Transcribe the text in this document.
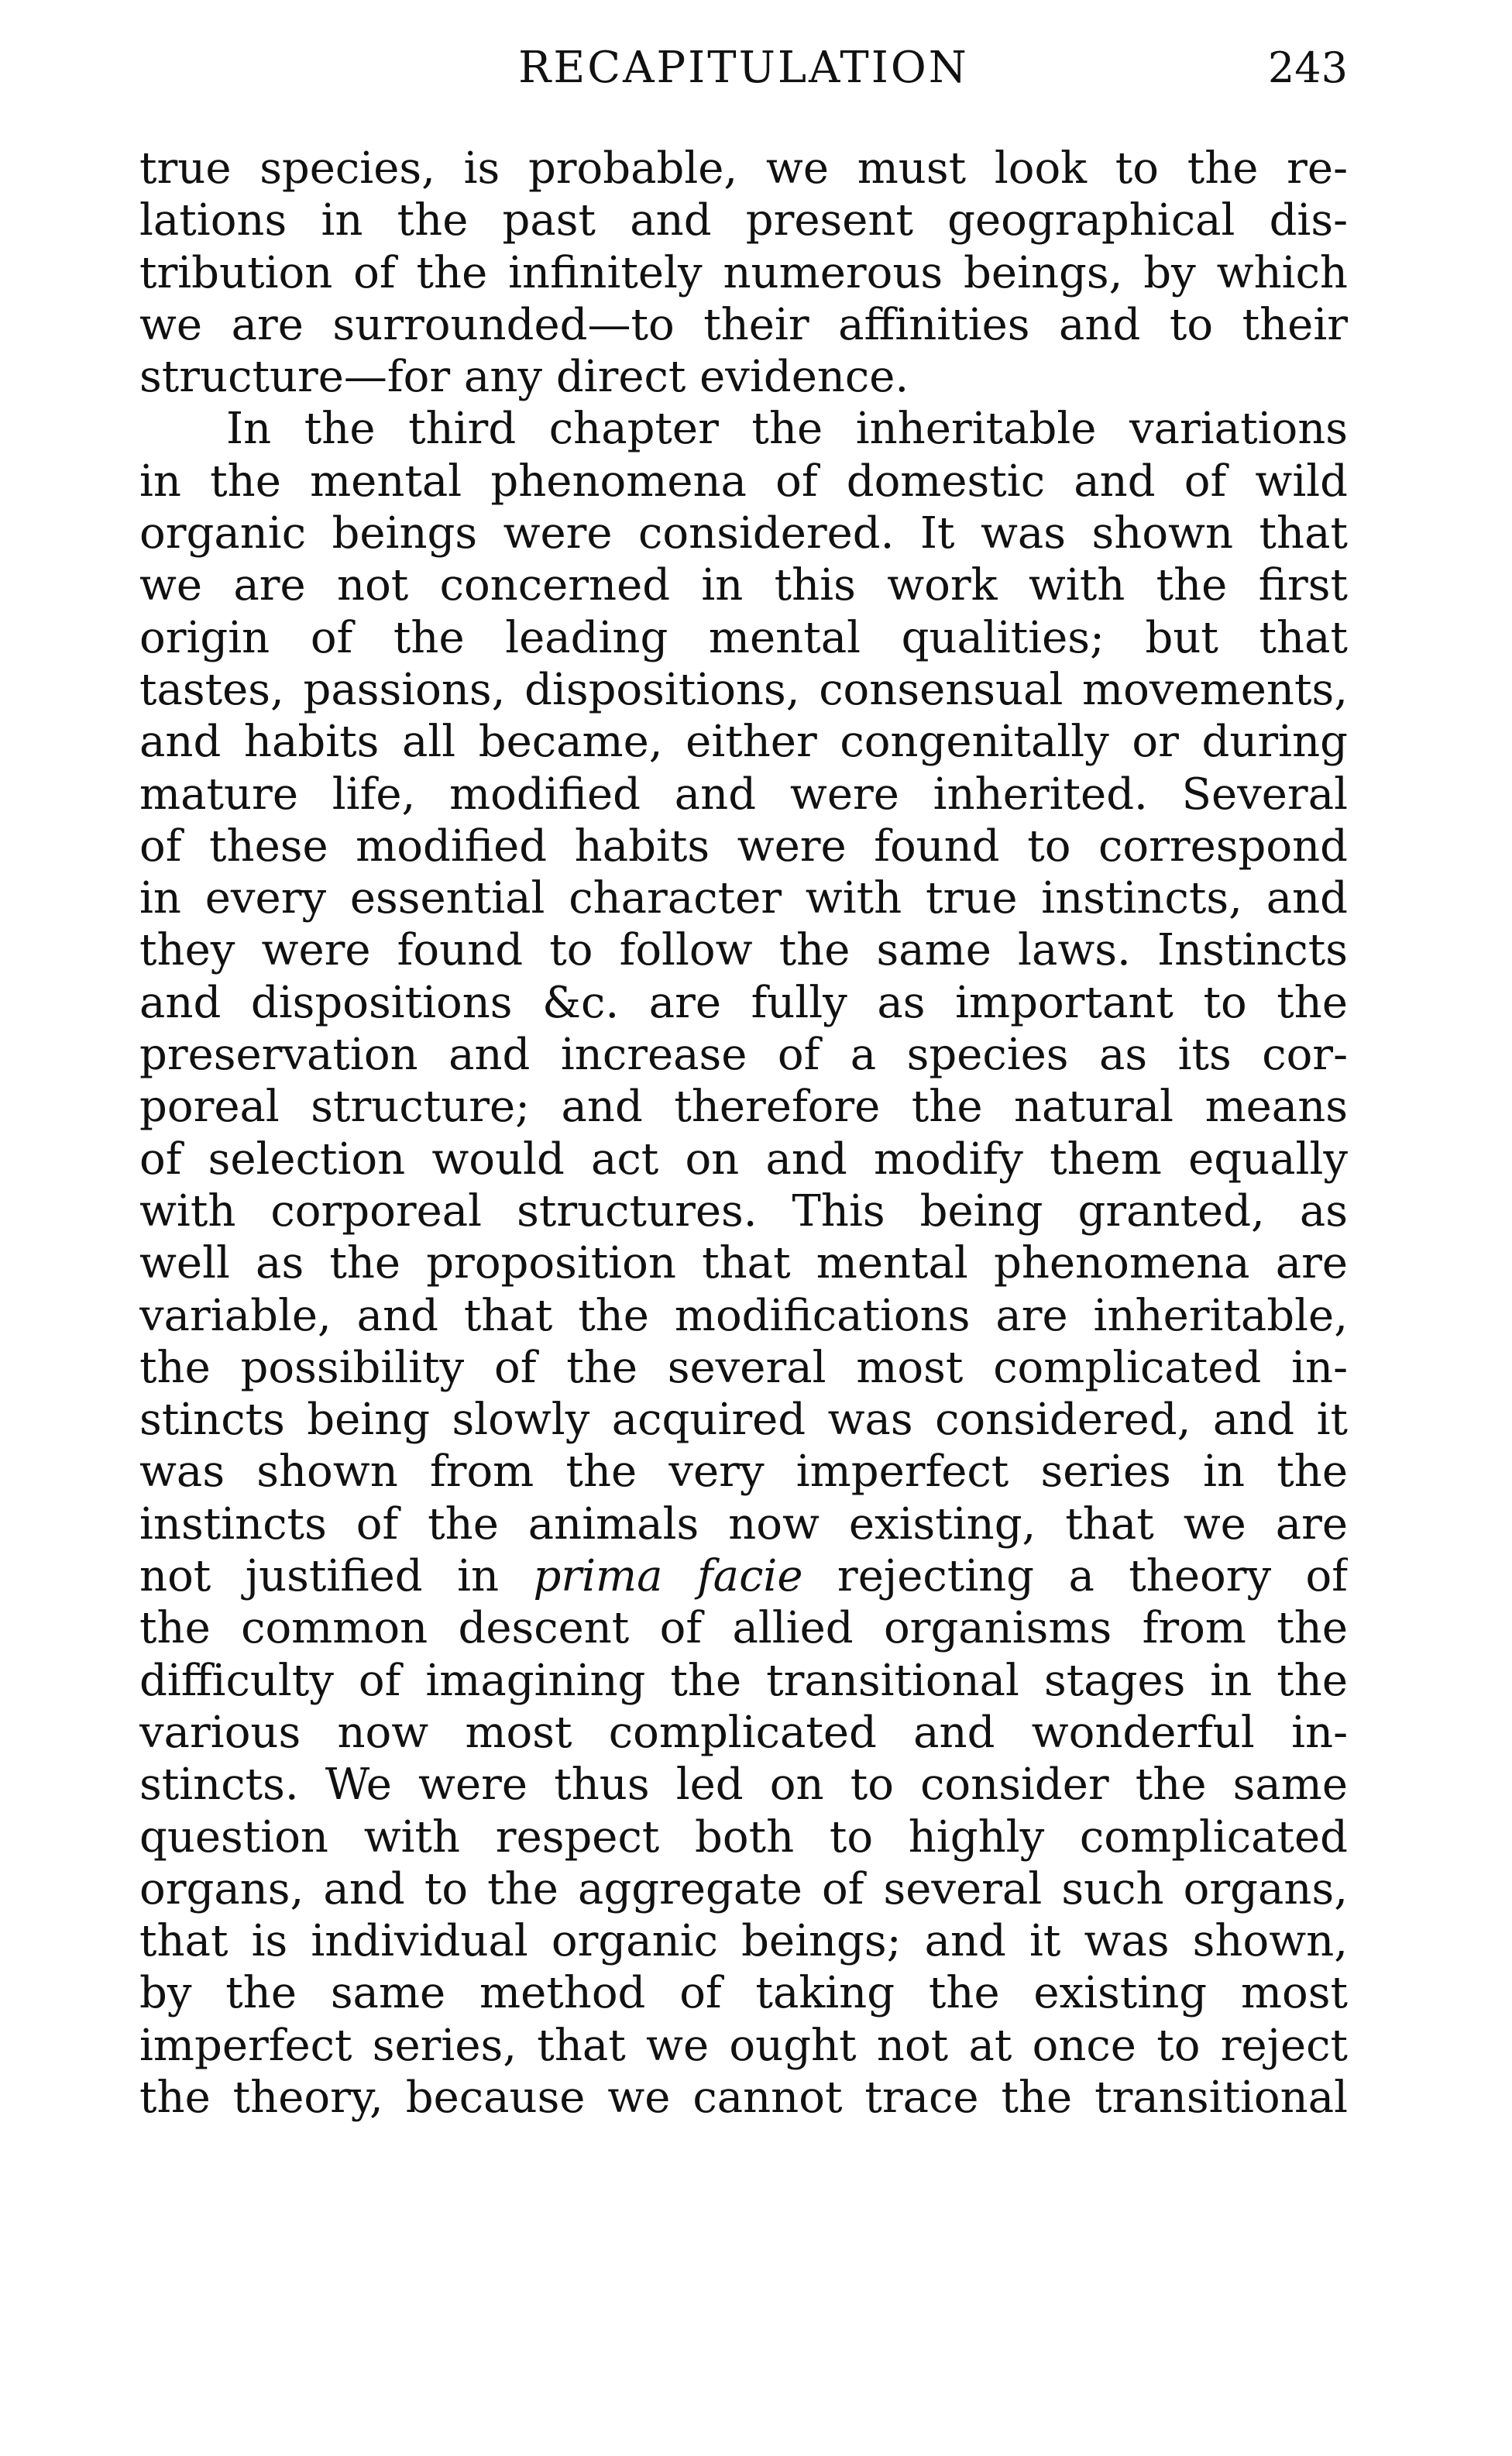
RECAPITULATION	243
true species, is probable, we must look to the re-
lations in the past and present geographical dis-
tribution of the infinitely numerous beings, by which
we are surrounded—to their affinities and to their
structure—for any direct evidence.
In the third chapter the inheritable variations
in the mental phenomena of domestic and of wild
organic beings were considered. It was shown that
we are not concerned in this work with the first
origin of the leading mental qualities; but that
tastes, passions, dispositions, consensual movements,
and habits all became, either congenitally or during
mature life, modified and were inherited. Several
of these modified habits were found to correspond
in every essential character with true instincts, and
they were found to follow the same laws. Instincts
and dispositions &c. are fully as important to the
preservation and increase of a species as its cor-
poreal structure; and therefore the natural means
of selection would act on and modify them equally
with corporeal structures. This being granted, as
well as the proposition that mental phenomena are
variable, and that the modifications are inheritable,
the possibility of the several most complicated in-
stincts being slowly acquired was considered, and it
was shown from the very imperfect series in the
instincts of the animals now existing, that we are
not justified in prima facie rejecting a theory of
the common descent of allied organisms from the
difficulty of imagining the transitional stages in the
various now most complicated and wonderful in-
stincts. We were thus led on to consider the same
question with respect both to highly complicated
organs, and to the aggregate of several such organs,
that is individual organic beings; and it was shown,
by the same method of taking the existing most
imperfect series, that we ought not at once to reject
the theory, because we cannot trace the transitional
